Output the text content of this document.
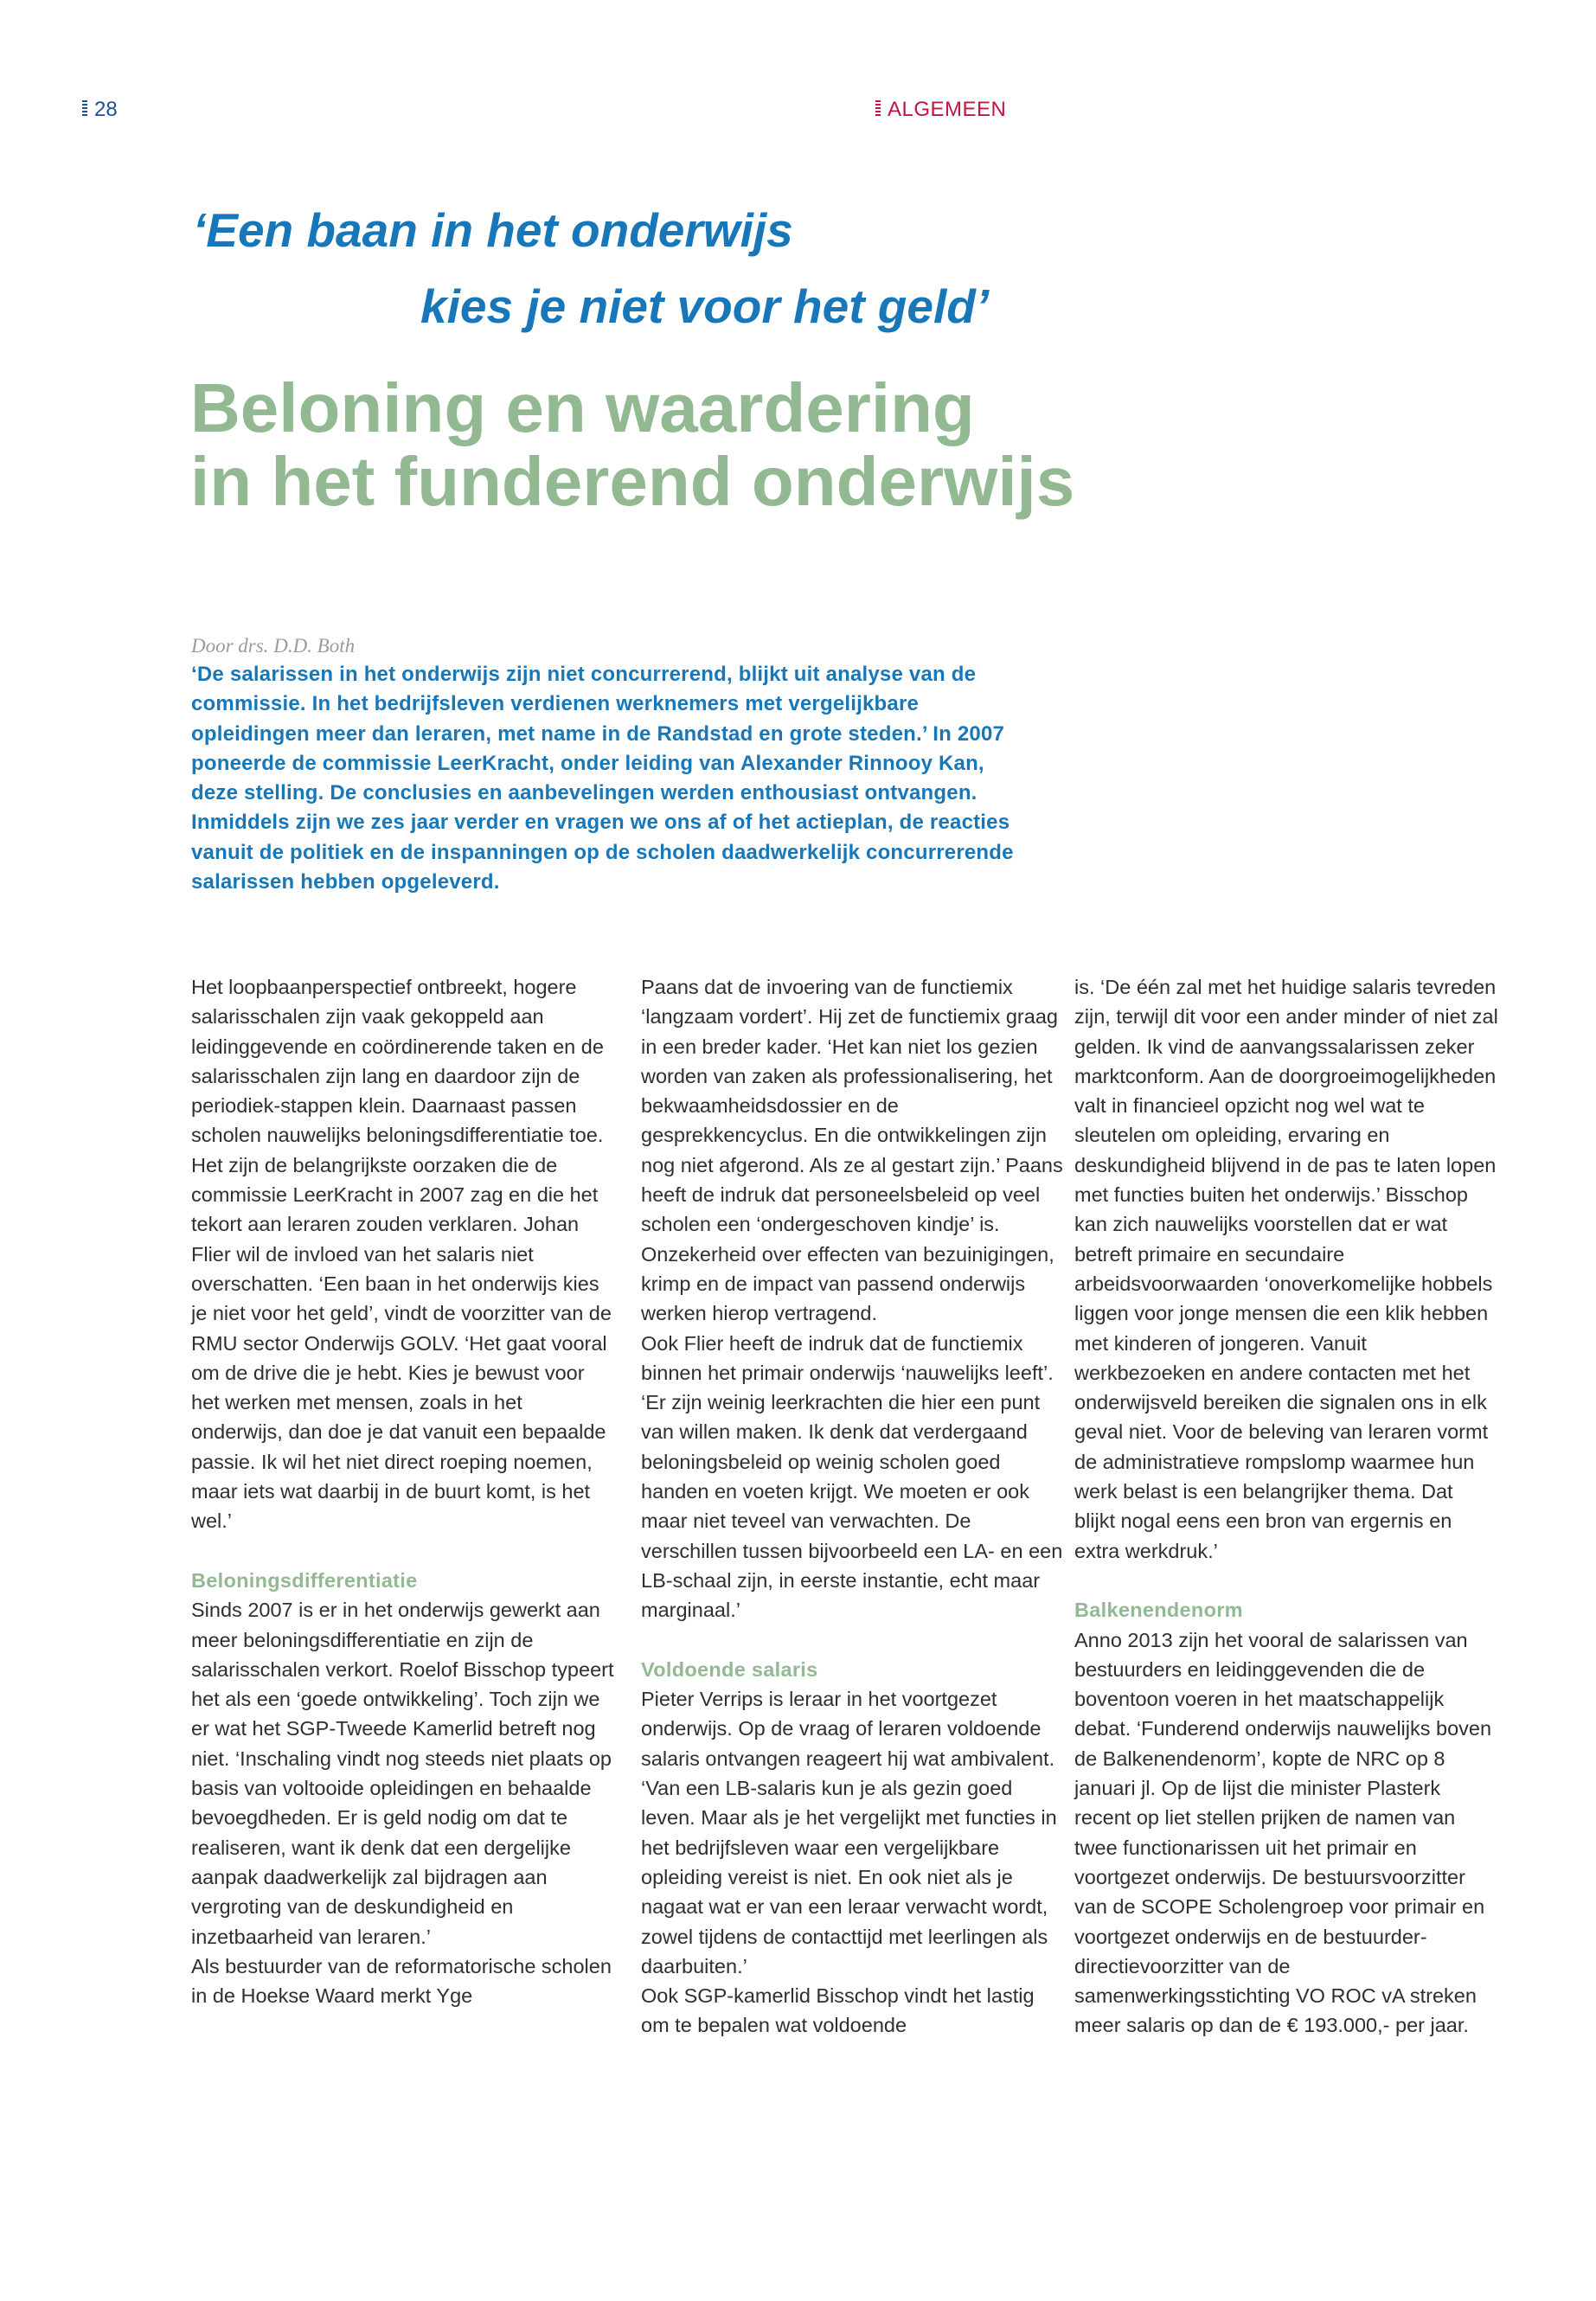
28	ALGEMEEN
‘Een baan in het onderwijs
kies je niet voor het geld’
Beloning en waardering
in het funderend onderwijs
Door drs. D.D. Both

‘De salarissen in het onderwijs zijn niet concurrerend, blijkt uit analyse van de commissie. In het bedrijfsleven verdienen werknemers met vergelijkbare opleidingen meer dan leraren, met name in de Randstad en grote steden.’ In 2007 poneerde de commissie LeerKracht, onder leiding van Alexander Rinnooy Kan, deze stelling. De conclusies en aanbevelingen werden enthousiast ontvangen. Inmiddels zijn we zes jaar verder en vragen we ons af of het actieplan, de reacties vanuit de politiek en de inspanningen op de scholen daadwerkelijk concurrerende salarissen hebben opgeleverd.

Het loopbaanperspectief ontbreekt, hogere salarisschalen zijn vaak gekoppeld aan leidinggevende en coördinerende taken en de salarisschalen zijn lang en daardoor zijn de periodiek-stappen klein. Daarnaast passen scholen nauwelijks beloningsdifferentiatie toe. Het zijn de belangrijkste oorzaken die de commissie LeerKracht in 2007 zag en die het tekort aan leraren zouden verklaren. Johan Flier wil de invloed van het salaris niet overschatten. ‘Een baan in het onderwijs kies je niet voor het geld’, vindt de voorzitter van de RMU sector Onderwijs GOLV. ‘Het gaat vooral om de drive die je hebt. Kies je bewust voor het werken met mensen, zoals in het onderwijs, dan doe je dat vanuit een bepaalde passie. Ik wil het niet direct roeping noemen, maar iets wat daarbij in de buurt komt, is het wel.’

Beloningsdifferentiatie

Sinds 2007 is er in het onderwijs gewerkt aan meer beloningsdifferentiatie en zijn de salarisschalen verkort. Roelof Bisschop typeert het als een ‘goede ontwikkeling’. Toch zijn we er wat het SGP-Tweede Kamerlid betreft nog niet. ‘Inschaling vindt nog steeds niet plaats op basis van voltooide opleidingen en behaalde bevoegdheden. Er is geld nodig om dat te realiseren, want ik denk dat een dergelijke aanpak daadwerkelijk zal bijdragen aan vergroting van de deskundigheid en inzetbaarheid van leraren.’

Als bestuurder van de reformatorische scholen in de Hoekse Waard merkt Yge

Paans dat de invoering van de functiemix ‘langzaam vordert’. Hij zet de functiemix graag in een breder kader. ‘Het kan niet los gezien worden van zaken als professionalisering, het bekwaamheidsdossier en de gesprekkencyclus. En die ontwikkelingen zijn nog niet afgerond. Als ze al gestart zijn.’ Paans heeft de indruk dat personeelsbeleid op veel scholen een ‘ondergeschoven kindje’ is. Onzekerheid over effecten van bezuinigingen, krimp en de impact van passend onderwijs werken hierop vertragend.

Ook Flier heeft de indruk dat de functiemix binnen het primair onderwijs ‘nauwelijks leeft’. ‘Er zijn weinig leerkrachten die hier een punt van willen maken. Ik denk dat verdergaand beloningsbeleid op weinig scholen goed handen en voeten krijgt. We moeten er ook maar niet teveel van verwachten. De verschillen tussen bijvoorbeeld een LA- en een LB-schaal zijn, in eerste instantie, echt maar marginaal.’

Voldoende salaris

Pieter Verrips is leraar in het voortgezet onderwijs. Op de vraag of leraren voldoende salaris ontvangen reageert hij wat ambivalent. ‘Van een LB-salaris kun je als gezin goed leven. Maar als je het vergelijkt met functies in het bedrijfsleven waar een vergelijkbare opleiding vereist is niet. En ook niet als je nagaat wat er van een leraar verwacht wordt, zowel tijdens de contacttijd met leerlingen als daarbuiten.’

Ook SGP-kamerlid Bisschop vindt het lastig om te bepalen wat voldoende

is. ‘De één zal met het huidige salaris tevreden zijn, terwijl dit voor een ander minder of niet zal gelden. Ik vind de aanvangssalarissen zeker marktconform. Aan de doorgroeimogelijkheden valt in financieel opzicht nog wel wat te sleutelen om opleiding, ervaring en deskundigheid blijvend in de pas te laten lopen met functies buiten het onderwijs.’ Bisschop kan zich nauwelijks voorstellen dat er wat betreft primaire en secundaire arbeidsvoorwaarden ‘onoverkomelijke hobbels liggen voor jonge mensen die een klik hebben met kinderen of jongeren. Vanuit werkbezoeken en andere contacten met het onderwijsveld bereiken die signalen ons in elk geval niet. Voor de beleving van leraren vormt de administratieve rompslomp waarmee hun werk belast is een belangrijker thema. Dat blijkt nogal eens een bron van ergernis en extra werkdruk.’

Balkenendenorm

Anno 2013 zijn het vooral de salarissen van bestuurders en leidinggevenden die de boventoon voeren in het maatschappelijk debat. ‘Funderend onderwijs nauwelijks boven de Balkenendenorm’, kopte de NRC op 8 januari jl. Op de lijst die minister Plasterk recent op liet stellen prijken de namen van twee functionarissen uit het primair en voortgezet onderwijs. De bestuursvoorzitter van de SCOPE Scholengroep voor primair en voortgezet onderwijs en de bestuurder-directievoorzitter van de samenwerkingsstichting VO ROC vA streken meer salaris op dan de € 193.000,- per jaar.
